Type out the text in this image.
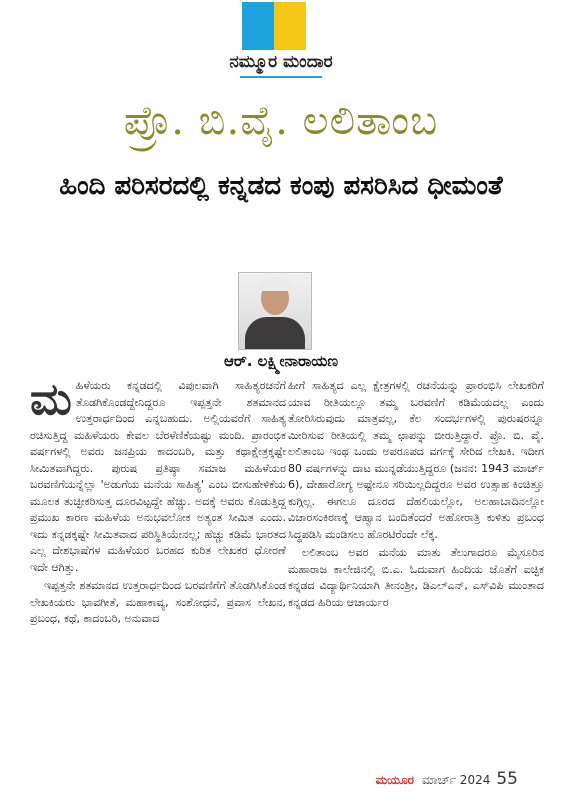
ನಮ್ಮೂರ ಮಂದಾರ
ಪ್ರೊ. ಬಿ.ವೈ. ಲಲಿತಾಂಬ
ಹಿಂದಿ ಪರಿಸರದಲ್ಲಿ ಕನ್ನಡದ ಕಂಪು ಪಸರಿಸಿದ ಧೀಮಂತೆ
ಆರ್. ಲಕ್ಷ್ಮೀನಾರಾಯಣ

ಮಹಿಳೆಯರು ಕನ್ನಡದಲ್ಲಿ ವಿಪುಲವಾಗಿ ಸಾಹಿತ್ಯರಚನೆಗೆ ತೊಡಗಿಕೊಂಡದ್ದೇನಿದ್ದರೂ ಇಪ್ಪತ್ತನೇ ಶತಮಾನದ ಉತ್ತರಾರ್ಧದಿಂದ ಎನ್ನಬಹುದು. ಅಲ್ಲಿಯವರೆಗೆ ಸಾಹಿತ್ಯ ರಚಿಸುತ್ತಿದ್ದ ಮಹಿಳೆಯರು ಕೇವಲ ಬೆರಳೆಣಿಕೆಯಷ್ಟು ಮಂದಿ. ಪ್ರಾರಂಭಿಕ ವರ್ಷಗಳಲ್ಲಿ ಅವರು ಜನಪ್ರಿಯ ಕಾದಂಬರಿ, ಮತ್ತು ಕಥಾಕ್ಷೇತ್ರಕ್ಕಷ್ಟೇ ಸೀಮಿತವಾಗಿದ್ದರು. ಪುರುಷ ಪ್ರತಿಷ್ಠಾ ಸಮಾಜ ಮಹಿಳೆಯರ ಬರವಣಿಗೆಯನ್ನೆಲ್ಲಾ 'ಅಡುಗೆಯ ಮನೆಯ ಸಾಹಿತ್ಯ' ಎಂಬ ಬೀಸುಹೇಳಿಕೆಯ ಮೂಲಕ ತುಚ್ಛೀಕರಿಸುತ್ತ ದೂರವಿಟ್ಟದ್ದೇ ಹೆಚ್ಚು. ಅದಕ್ಕೆ ಅವರು ಕೊಡುತ್ತಿದ್ದ ಪ್ರಮುಖ ಕಾರಣ ಮಹಿಳೆಯ ಅನುಭವಲೋಕ ಅತ್ಯಂತ ಸೀಮಿತ ಎಂದು. ಇದು ಕನ್ನಡಕ್ಕಷ್ಟೇ ಸೀಮಿತವಾದ ಪರಿಸ್ಥಿತಿಯೇನಲ್ಲ; ಹೆಚ್ಚು ಕಡಿಮೆ ಭಾರತದ ಎಲ್ಲ ದೇಶಭಾಷೆಗಳ ಮಹಿಳೆಯರ ಬರಹದ ಕುರಿತ ಲೇಖಕರ ಧೋರಣೆ ಇದೇ ಆಗಿತ್ತು.

ಇಪ್ಪತ್ತನೇ ಶತಮಾನದ ಉತ್ತರಾರ್ಧದಿಂದ ಬರವಣಿಗೆಗೆ ತೊಡಗಿಸಿಕೊಂಡ ಲೇಖಕಿಯರು ಭಾವಗೀತೆ, ಮಹಾಕಾವ್ಯ, ಸಂಶೋಧನೆ, ಪ್ರವಾಸ ಲೇಖನ, ಪ್ರಬಂಧ, ಕಥೆ, ಕಾದಂಬರಿ, ಅನುವಾದ

ಹೀಗೆ ಸಾಹಿತ್ಯದ ಎಲ್ಲ ಕ್ಷೇತ್ರಗಳಲ್ಲಿ ರಚನೆಯನ್ನು ಪ್ರಾರಂಭಿಸಿ ಲೇಖಕರಿಗೆ ಯಾವ ರೀತಿಯಲ್ಲೂ ತಮ್ಮ ಬರವಣಿಗೆ ಕಡಿಮೆಯದಲ್ಲ ಎಂದು ತೋರಿಸಿರುವುದು ಮಾತ್ರವಲ್ಲ, ಕೆಲ ಸಂದರ್ಭಗಳಲ್ಲಿ ಪುರುಷರನ್ನೂ ಮೀರಿಸುವ ರೀತಿಯಲ್ಲಿ ತಮ್ಮ ಛಾಪನ್ನು ಬೀರುತ್ತಿದ್ದಾರೆ. ಪ್ರೊ. ಬಿ. ವೈ. ಲಲಿತಾಂಬ ಇಂಥ ಒಂದು ಅಪರೂಪದ ವರ್ಗಕ್ಕೆ ಸೇರಿದ ಲೇಖಕಿ. ಇದೀಗ 80 ವರ್ಷಗಳನ್ನು ದಾಟ ಮುನ್ನಡೆಯುತ್ತಿದ್ದರೂ (ಜನನ: 1943 ಮಾರ್ಚ್ 6), ದೇಹಾರೋಗ್ಯ ಅಷ್ಟೇನೂ ಸರಿಯಿಲ್ಲದಿದ್ದರೂ ಅವರ ಉತ್ಸಾಹ ಕಿಂಚಿತ್ತೂ ಕುಗ್ಗಿಲ್ಲ. ಈಗಲೂ ದೂರದ ದೆಹಲಿಯಲ್ಲೋ, ಅಲಹಾಬಾದಿನಲ್ಲೋ ವಿಚಾರಸಂಕಿರಣಕ್ಕೆ ಆಹ್ವಾನ ಬಂದಿತೆಂದರೆ ಅಹೋರಾತ್ರಿ ಕುಳಿತು ಪ್ರಬಂಧ ಸಿದ್ಧಪಡಿಸಿ ಮಂಡಿಸಲು ಹೊರಟಿರೆಂದೇ ಲೆಕ್ಕ.

ಲಲಿತಾಂಬ ಅವರ ಮನೆಯ ಮಾತು ತೆಲುಗಾದರೂ ಮೈಸೂರಿನ ಮಹಾರಾಜ ಕಾಲೇಜಿನಲ್ಲಿ ಬಿ.ಎ. ಓದುವಾಗ ಹಿಂದಿಯ ಜೊತೆಗೆ ಐಚ್ಛಿಕ ಕನ್ನಡದ ವಿದ್ಯಾರ್ಥಿನಿಯಾಗಿ ತೀನಂಶ್ರೀ, ಡಿಎಲ್‌ಎನ್, ಎಸ್‌ವಿಪಿ ಮುಂತಾದ ಕನ್ನಡದ ಹಿರಿಯ ಆಚಾರ್ಯರ

ಮಯೂರ ಮಾರ್ಚ್ 2024 55
